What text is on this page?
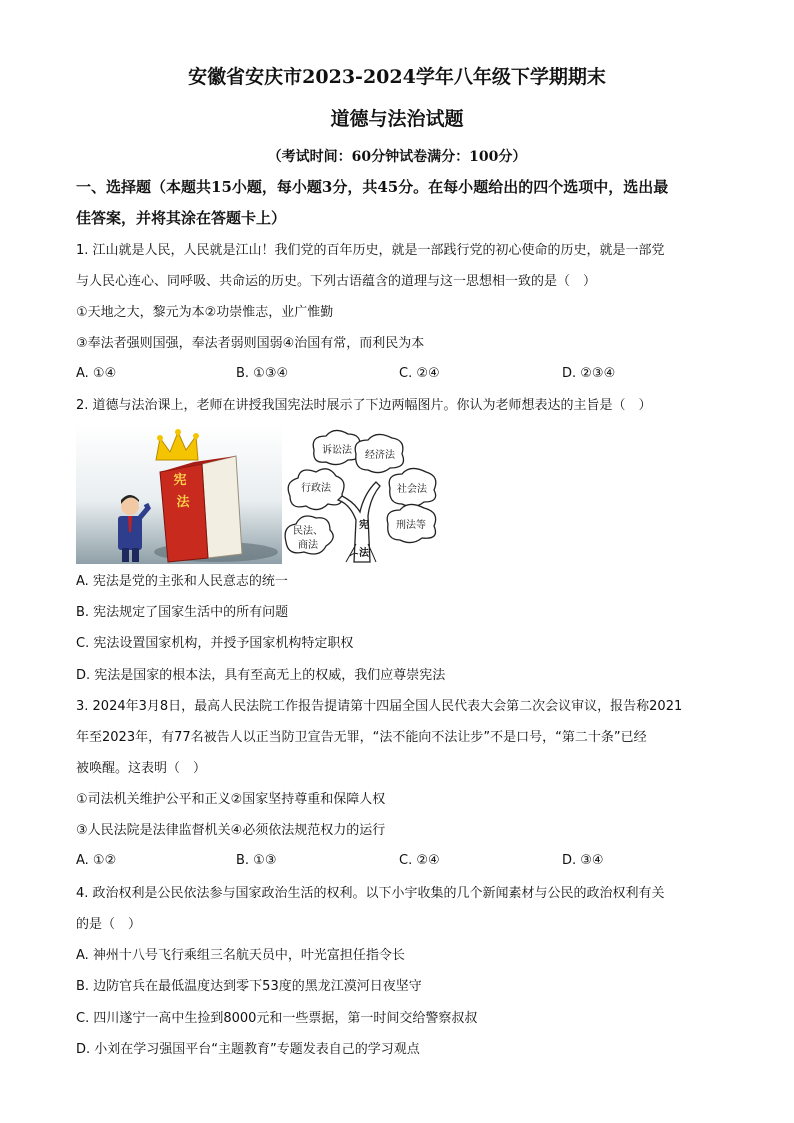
安徽省安庆市2023-2024学年八年级下学期期末
道德与法治试题
（考试时间：60分钟试卷满分：100分）
一、选择题（本题共15小题，每小题3分，共45分。在每小题给出的四个选项中，选出最
佳答案，并将其涂在答题卡上）
1. 江山就是人民，人民就是江山！我们党的百年历史，就是一部践行党的初心使命的历史，就是一部党
与人民心连心、同呼吸、共命运的历史。下列古语蕴含的道理与这一思想相一致的是（　）
①天地之大，黎元为本②功崇惟志，业广惟勤
③奉法者强则国强，奉法者弱则国弱④治国有常，而利民为本
A. ①④	B. ①③④	C. ②④	D. ②③④
2. 道德与法治课上，老师在讲授我国宪法时展示了下边两幅图片。你认为老师想表达的主旨是（　）
宪
法
诉讼法 经济法
行政法	社会法
民法、
商法
刑法等
宪
法
A. 宪法是党的主张和人民意志的统一
B. 宪法规定了国家生活中的所有问题
C. 宪法设置国家机构，并授予国家机构特定职权
D. 宪法是国家的根本法，具有至高无上的权威，我们应尊崇宪法
3. 2024年3月8日，最高人民法院工作报告提请第十四届全国人民代表大会第二次会议审议，报告称2021
年至2023年，有77名被告人以正当防卫宣告无罪，“法不能向不法让步”不是口号，“第二十条”已经
被唤醒。这表明（　）
①司法机关维护公平和正义②国家坚持尊重和保障人权
③人民法院是法律监督机关④必须依法规范权力的运行
A. ①②	B. ①③	C. ②④	D. ③④
4. 政治权利是公民依法参与国家政治生活的权利。以下小宇收集的几个新闻素材与公民的政治权利有关
的是（　）
A. 神州十八号飞行乘组三名航天员中，叶光富担任指令长
B. 边防官兵在最低温度达到零下53度的黑龙江漠河日夜坚守
C. 四川遂宁一高中生捡到8000元和一些票据，第一时间交给警察叔叔
D. 小刘在学习强国平台“主题教育”专题发表自己的学习观点
